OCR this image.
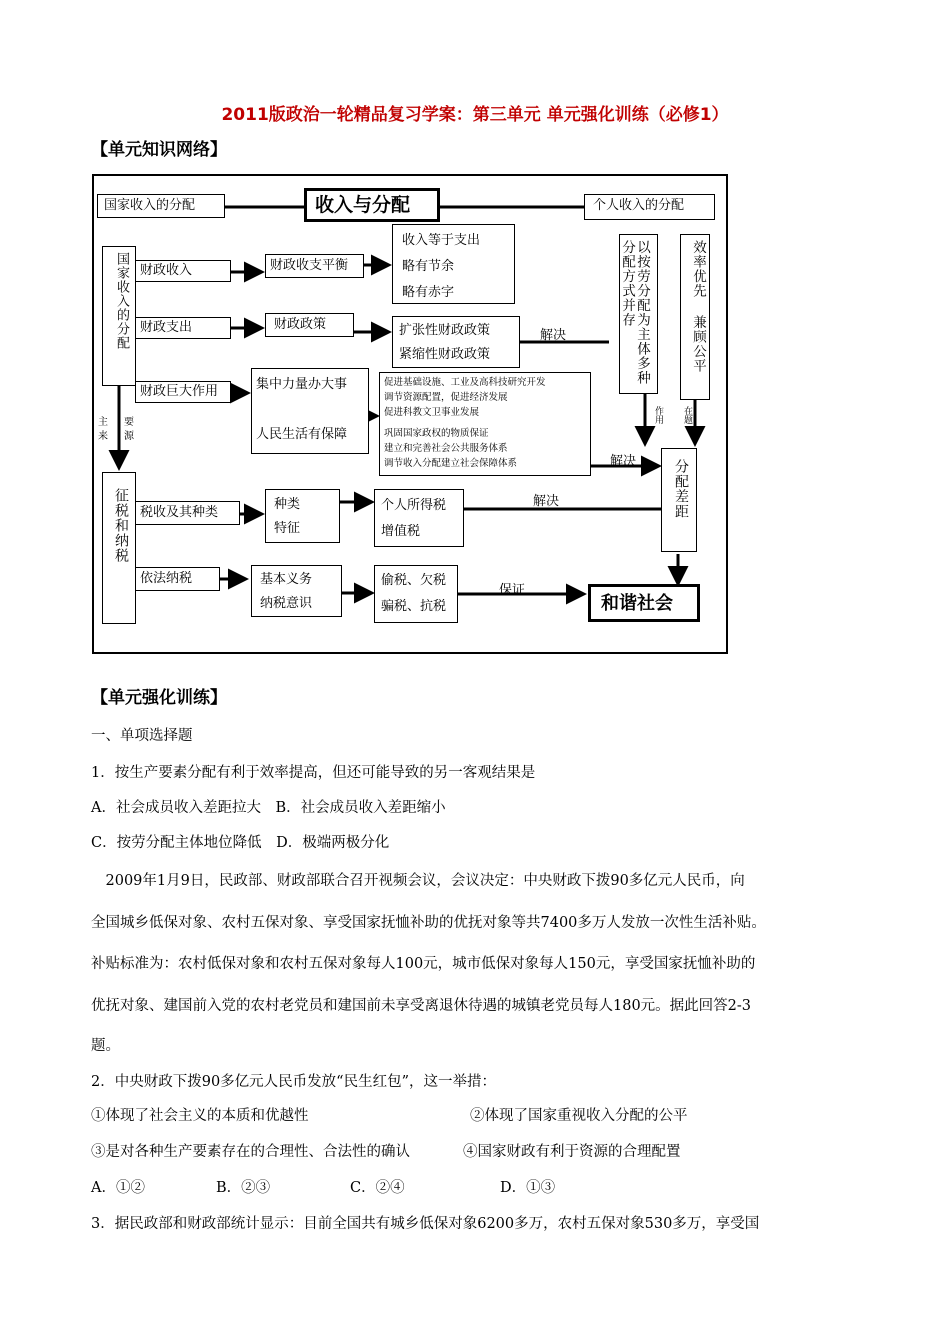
2011版政治一轮精品复习学案：第三单元 单元强化训练（必修1）
【单元知识网络】
国家收入的分配	收入与分配	个人收入的分配
国家收入的分配 财政收入
财政支出
财政巨大作用
财政收支平衡
收入等于支出
略有节余
略有赤字
财政政策	扩张性财政政策
紧缩性财政政策
解决
集中力量办大事
人民生活有保障
促进基础设施、工业及高科技研究开发
调节资源配置，促进经济发展
促进科教文卫事业发展
巩固国家政权的物质保证
建立和完善社会公共服务体系
调节收入分配建立社会保障体系	解决
主
来
要
源
征税和纳税 税收及其种类
种类
特征
个人所得税
增值税
解决
依法纳税	基本义务
纳税意识
偷税、欠税
骗税、抗税
保证
和谐社会
分配差距
以按劳分配为主体多种分配方式并存	效率优先 兼顾公平
作用 在题
【单元强化训练】
一、单项选择题
1．按生产要素分配有利于效率提高，但还可能导致的另一客观结果是
A．社会成员收入差距拉大　B．社会成员收入差距缩小
C．按劳分配主体地位降低　D．极端两极分化
　2009年1月9日，民政部、财政部联合召开视频会议，会议决定：中央财政下拨90多亿元人民币，向
全国城乡低保对象、农村五保对象、享受国家抚恤补助的优抚对象等共7400多万人发放一次性生活补贴。
补贴标准为：农村低保对象和农村五保对象每人100元，城市低保对象每人150元，享受国家抚恤补助的
优抚对象、建国前入党的农村老党员和建国前未享受离退休待遇的城镇老党员每人180元。据此回答2-3
题。
2．中央财政下拨90多亿元人民币发放“民生红包”，这一举措：
①体现了社会主义的本质和优越性	②体现了国家重视收入分配的公平
③是对各种生产要素存在的合理性、合法性的确认	④国家财政有利于资源的合理配置
A．①②	B．②③	C．②④	D．①③
3．据民政部和财政部统计显示：目前全国共有城乡低保对象6200多万，农村五保对象530多万，享受国
